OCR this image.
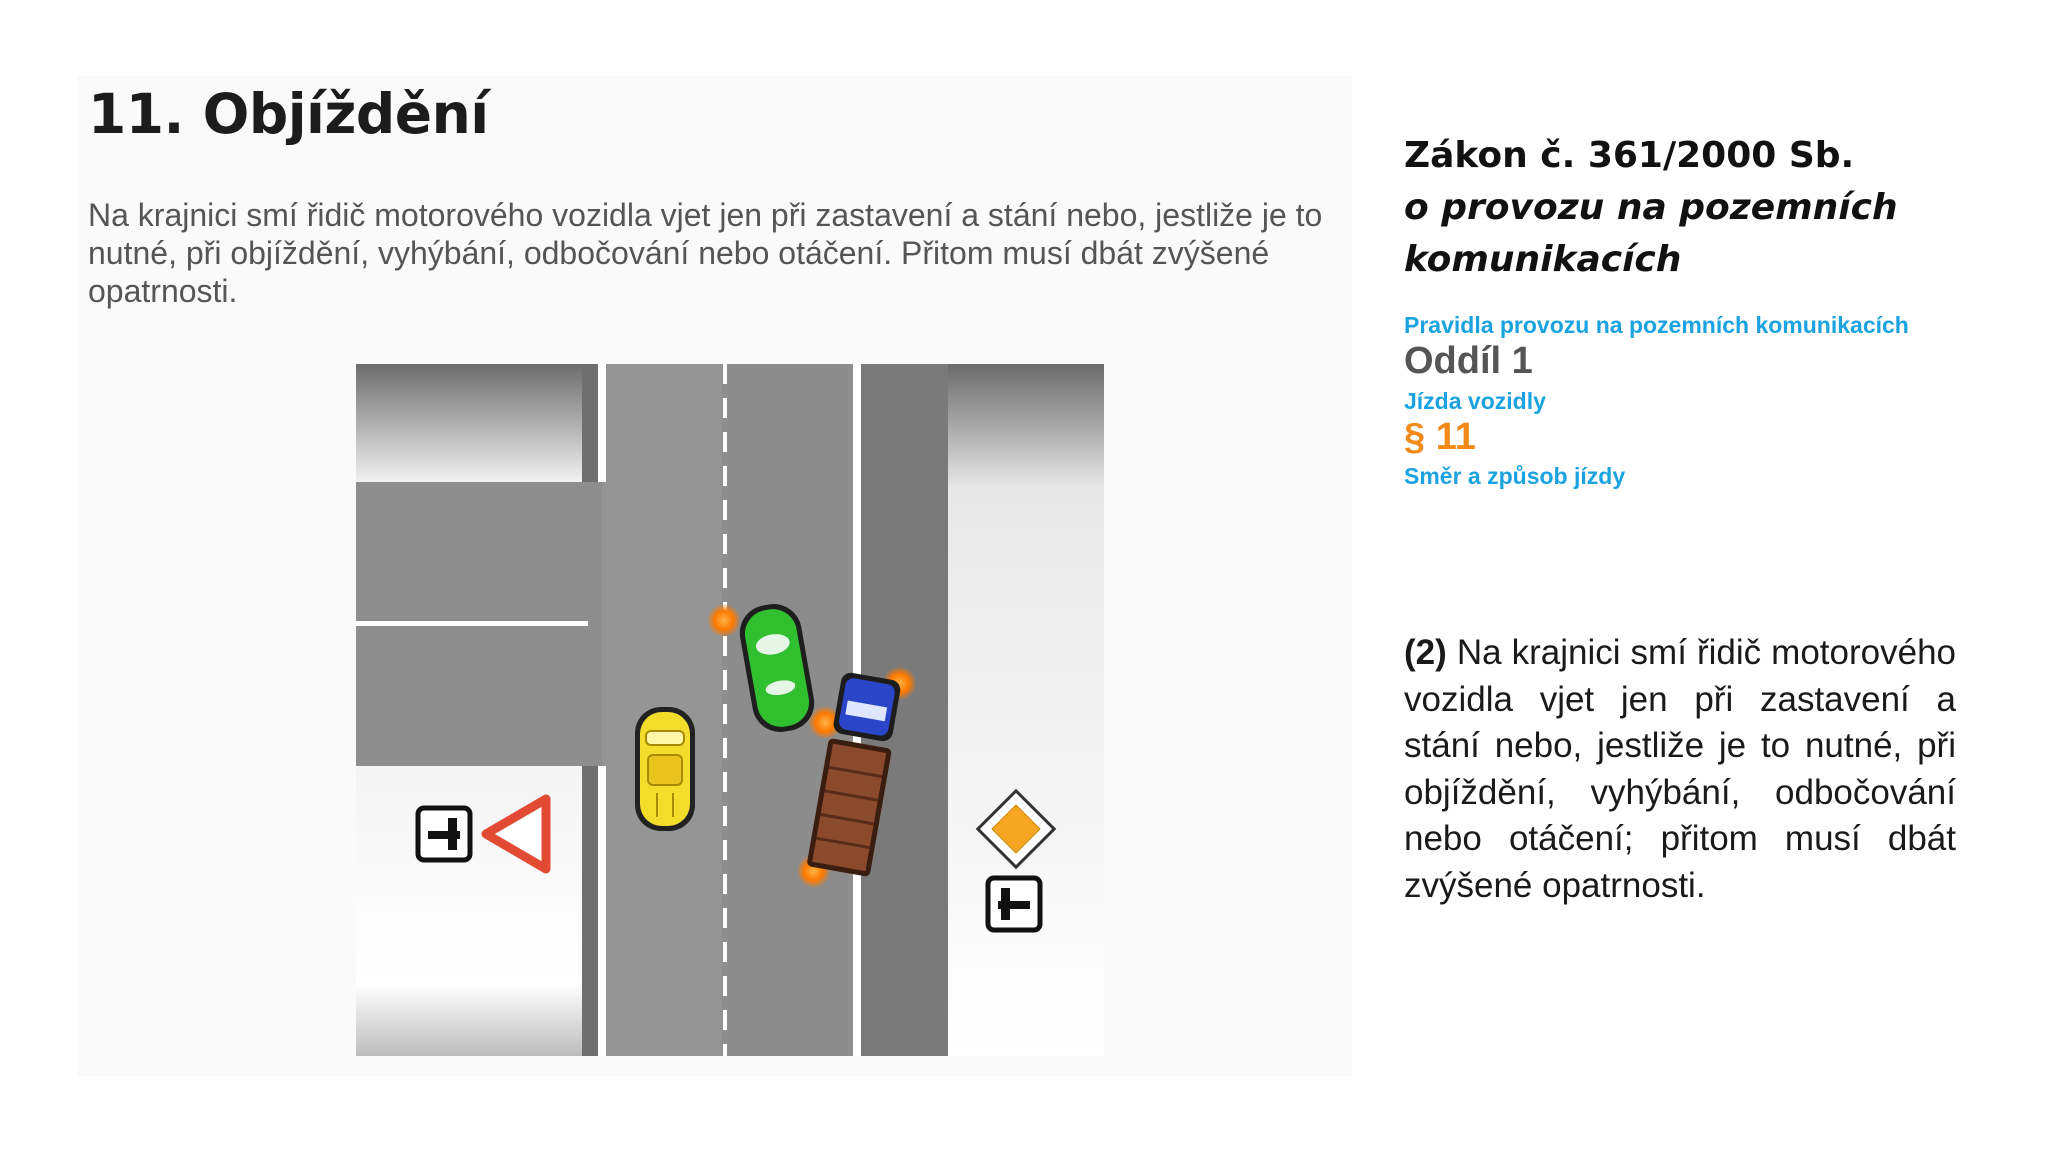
11. Objíždění

Na krajnici smí řidič motorového vozidla vjet jen při zastavení a stání nebo, jestliže je to nutné, při objíždění, vyhýbání, odbočování nebo otáčení. Přitom musí dbát zvýšené opatrnosti.

Zákon č. 361/2000 Sb.
o provozu na pozemních komunikacích
Pravidla provozu na pozemních komunikacích
Oddíl 1
Jízda vozidly
§ 11
Směr a způsob jízdy

(2) Na krajnici smí řidič motorového vozidla vjet jen při zastavení a stání nebo, jestliže je to nutné, při objíždění, vyhýbání, odbočování nebo otáčení; přitom musí dbát zvýšené opatrnosti.
